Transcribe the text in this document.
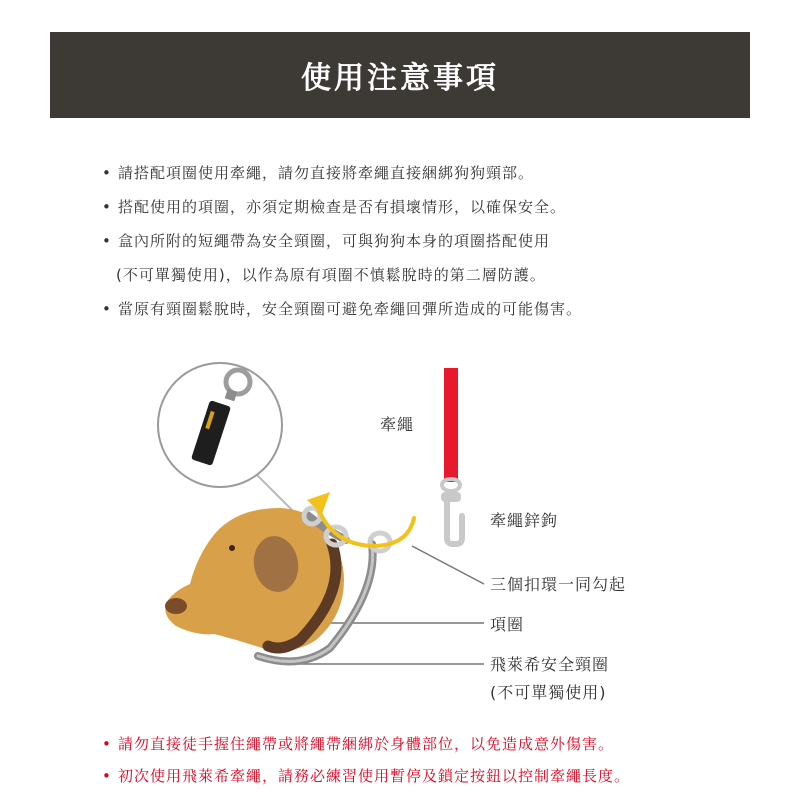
使用注意事項
• 請搭配項圈使用牽繩，請勿直接將牽繩直接綑綁狗狗頸部。
• 搭配使用的項圈，亦須定期檢查是否有損壞情形，以確保安全。
• 盒內所附的短繩帶為安全頸圈，可與狗狗本身的項圈搭配使用
(不可單獨使用)，以作為原有項圈不慎鬆脫時的第二層防護。
• 當原有頸圈鬆脫時，安全頸圈可避免牽繩回彈所造成的可能傷害。
牽繩
牽繩鋅鉤
三個扣環一同勾起
項圈
飛萊希安全頸圈
(不可單獨使用)
• 請勿直接徒手握住繩帶或將繩帶綑綁於身體部位，以免造成意外傷害。
• 初次使用飛萊希牽繩，請務必練習使用暫停及鎖定按鈕以控制牽繩長度。
